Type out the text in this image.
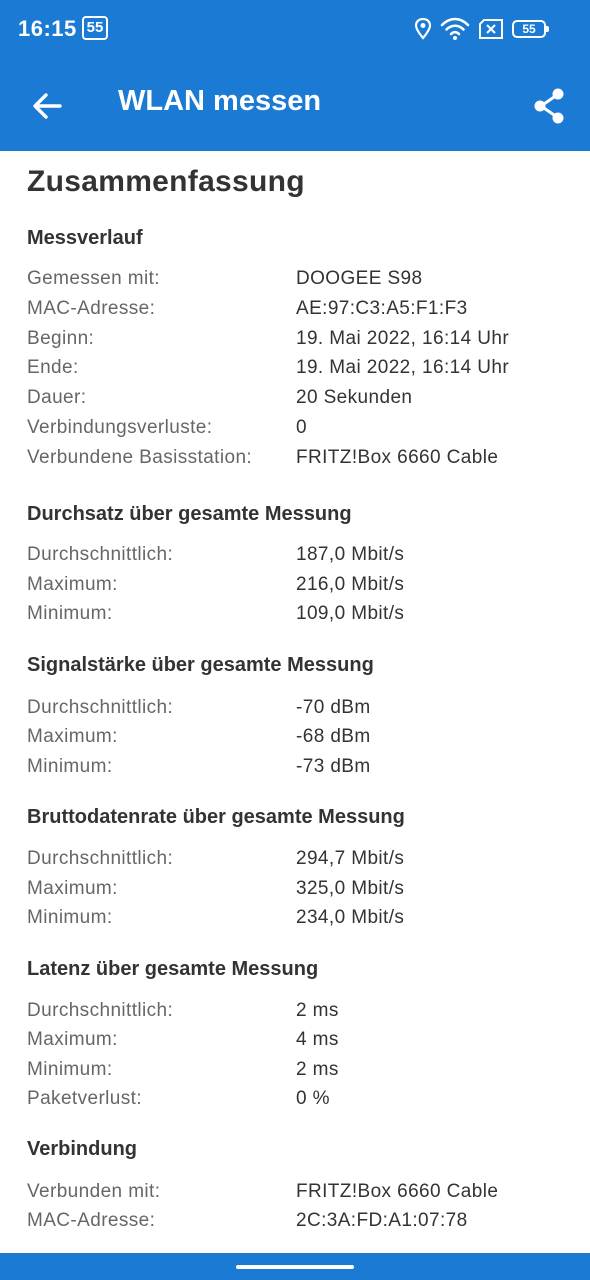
16:15 55	55
WLAN messen
Zusammenfassung
Messverlauf
Gemessen mit:	DOOGEE S98
MAC-Adresse:	AE:97:C3:A5:F1:F3
Beginn:	19. Mai 2022, 16:14 Uhr
Ende:	19. Mai 2022, 16:14 Uhr
Dauer:	20 Sekunden
Verbindungsverluste:	0
Verbundene Basisstation: FRITZ!Box 6660 Cable
Durchsatz über gesamte Messung
Durchschnittlich:	187,0 Mbit/s
Maximum:	216,0 Mbit/s
Minimum:	109,0 Mbit/s
Signalstärke über gesamte Messung
Durchschnittlich:	-70 dBm
Maximum:	-68 dBm
Minimum:	-73 dBm
Bruttodatenrate über gesamte Messung
Durchschnittlich:	294,7 Mbit/s
Maximum:	325,0 Mbit/s
Minimum:	234,0 Mbit/s
Latenz über gesamte Messung
Durchschnittlich:	2 ms
Maximum:	4 ms
Minimum:	2 ms
Paketverlust:	0 %
Verbindung
Verbunden mit:	FRITZ!Box 6660 Cable
MAC-Adresse:	2C:3A:FD:A1:07:78
